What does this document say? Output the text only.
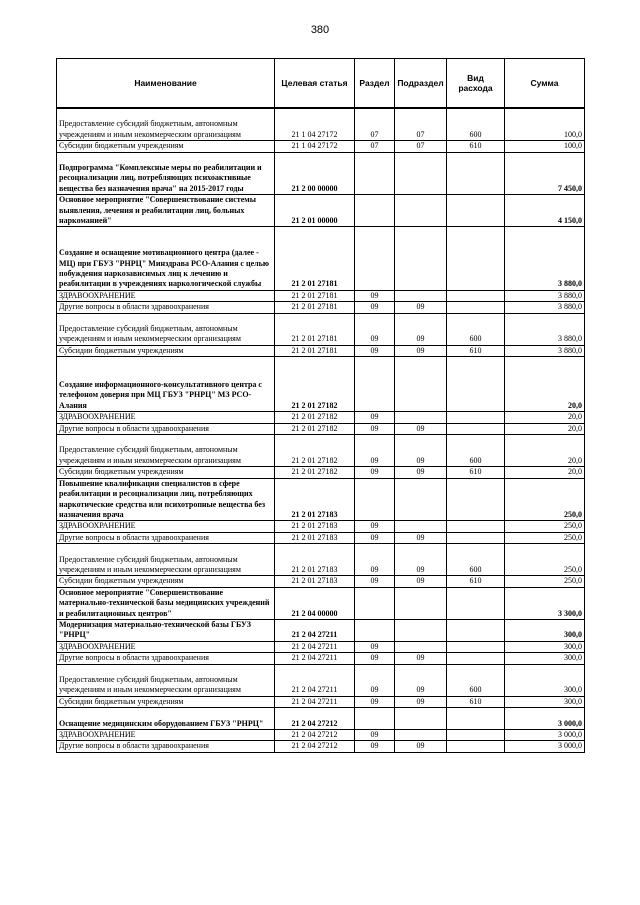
380
Наименование	Целевая статья	Раздел	Подраздел	Вид расхода	Сумма
Предоставление субсидий бюджетным, автономным учреждениям и иным некоммерческим организациям	21 1 04 27172	07	07	600	100,0
Субсидии бюджетным учреждениям	21 1 04 27172	07	07	610	100,0
Подпрограмма "Комплексные меры по реабилитации и ресоциализации лиц, потребляющих психоактивные вещества без назначения врача" на 2015-2017 годы	21 2 00 00000				7 450,0
Основное мероприятие "Совершенствование системы выявления, лечения и реабилитации лиц, больных наркоманией"	21 2 01 00000				4 150,0
Создание и оснащение мотивационного центра (далее - МЦ) при ГБУЗ "РНРЦ" Минздрава РСО-Алания с целью побуждения наркозависимых лиц к лечению и реабилитации в учреждениях наркологической службы	21 2 01 27181				3 880,0
ЗДРАВООХРАНЕНИЕ	21 2 01 27181	09			3 880,0
Другие вопросы в области здравоохранения	21 2 01 27181	09	09		3 880,0
Предоставление субсидий бюджетным, автономным учреждениям и иным некоммерческим организациям	21 2 01 27181	09	09	600	3 880,0
Субсидии бюджетным учреждениям	21 2 01 27181	09	09	610	3 880,0
Создание информационного-консультативного центра с телефоном доверия при МЦ ГБУЗ "РНРЦ" МЗ РСО-Алания	21 2 01 27182				20,0
ЗДРАВООХРАНЕНИЕ	21 2 01 27182	09			20,0
Другие вопросы в области здравоохранения	21 2 01 27182	09	09		20,0
Предоставление субсидий бюджетным, автономным учреждениям и иным некоммерческим организациям	21 2 01 27182	09	09	600	20,0
Субсидии бюджетным учреждениям	21 2 01 27182	09	09	610	20,0
Повышение квалификации специалистов в сфере реабилитации и ресоциализации лиц, потребляющих наркотические средства или психотропные вещества без назначения врача	21 2 01 27183				250,0
ЗДРАВООХРАНЕНИЕ	21 2 01 27183	09			250,0
Другие вопросы в области здравоохранения	21 2 01 27183	09	09		250,0
Предоставление субсидий бюджетным, автономным учреждениям и иным некоммерческим организациям	21 2 01 27183	09	09	600	250,0
Субсидии бюджетным учреждениям	21 2 01 27183	09	09	610	250,0
Основное мероприятие "Совершенствование материально-технической базы медицинских учреждений и реабилитационных центров"	21 2 04 00000				3 300,0
Модернизация материально-технической базы ГБУЗ "РНРЦ"	21 2 04 27211				300,0
ЗДРАВООХРАНЕНИЕ	21 2 04 27211	09			300,0
Другие вопросы в области здравоохранения	21 2 04 27211	09	09		300,0
Предоставление субсидий бюджетным, автономным учреждениям и иным некоммерческим организациям	21 2 04 27211	09	09	600	300,0
Субсидии бюджетным учреждениям	21 2 04 27211	09	09	610	300,0
Оснащение медицинским оборудованием ГБУЗ "РНРЦ"	21 2 04 27212				3 000,0
ЗДРАВООХРАНЕНИЕ	21 2 04 27212	09			3 000,0
Другие вопросы в области здравоохранения	21 2 04 27212	09	09		3 000,0
